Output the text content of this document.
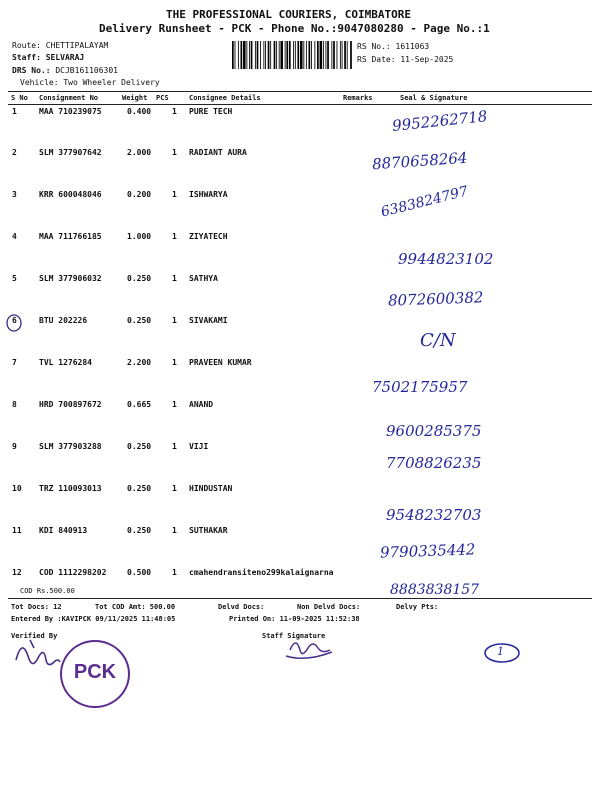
THE PROFESSIONAL COURIERS, COIMBATORE
Delivery Runsheet - PCK - Phone No.:9047080280 - Page No.:1
Route: CHETTIPALAYAM
Staff: SELVARAJ
DRS No.: DCJB161106301
Vehicle: Two Wheeler Delivery
RS No.: 1611063
RS Date: 11-Sep-2025
S No Consignment No	Weight PCS	Consignee Details	Remarks	Seal & Signature
1	MAA 710239075	0.400	1 PURE TECH	9952262718
2	SLM 377907642	2.000	1 RADIANT AURA	8870658264
3	KRR 600048046	0.200	1 ISHWARYA	6383824797
4	MAA 711766185	1.000	1 ZIYATECH
9944823102
5	SLM 377906032	0.250	1 SATHYA
8072600382
6	BTU 202226	0.250	1 SIVAKAMI
C/N
7	TVL 1276284	2.200	1 PRAVEEN KUMAR
7502175957
8	HRD 700897672	0.665	1 ANAND
9600285375
9	SLM 377903288	0.250	1 VIJI
7708826235
10 TRZ 110093013	0.250	1 HINDUSTAN
9548232703
11 KDI 840913	0.250	1 SUTHAKAR
9790335442
12 COD 1112298202	0.500	1 cmahendransiteno299kalaignarna
8883838157
COD Rs.500.00
Tot Docs: 12	Tot COD Amt: 500.00	Delvd Docs:	Non Delvd Docs:	Delvy Pts:
Entered By :KAVIPCK 09/11/2025 11:48:05	Printed On: 11-09-2025 11:52:38
Verified By	Staff Signature
PCK
1
